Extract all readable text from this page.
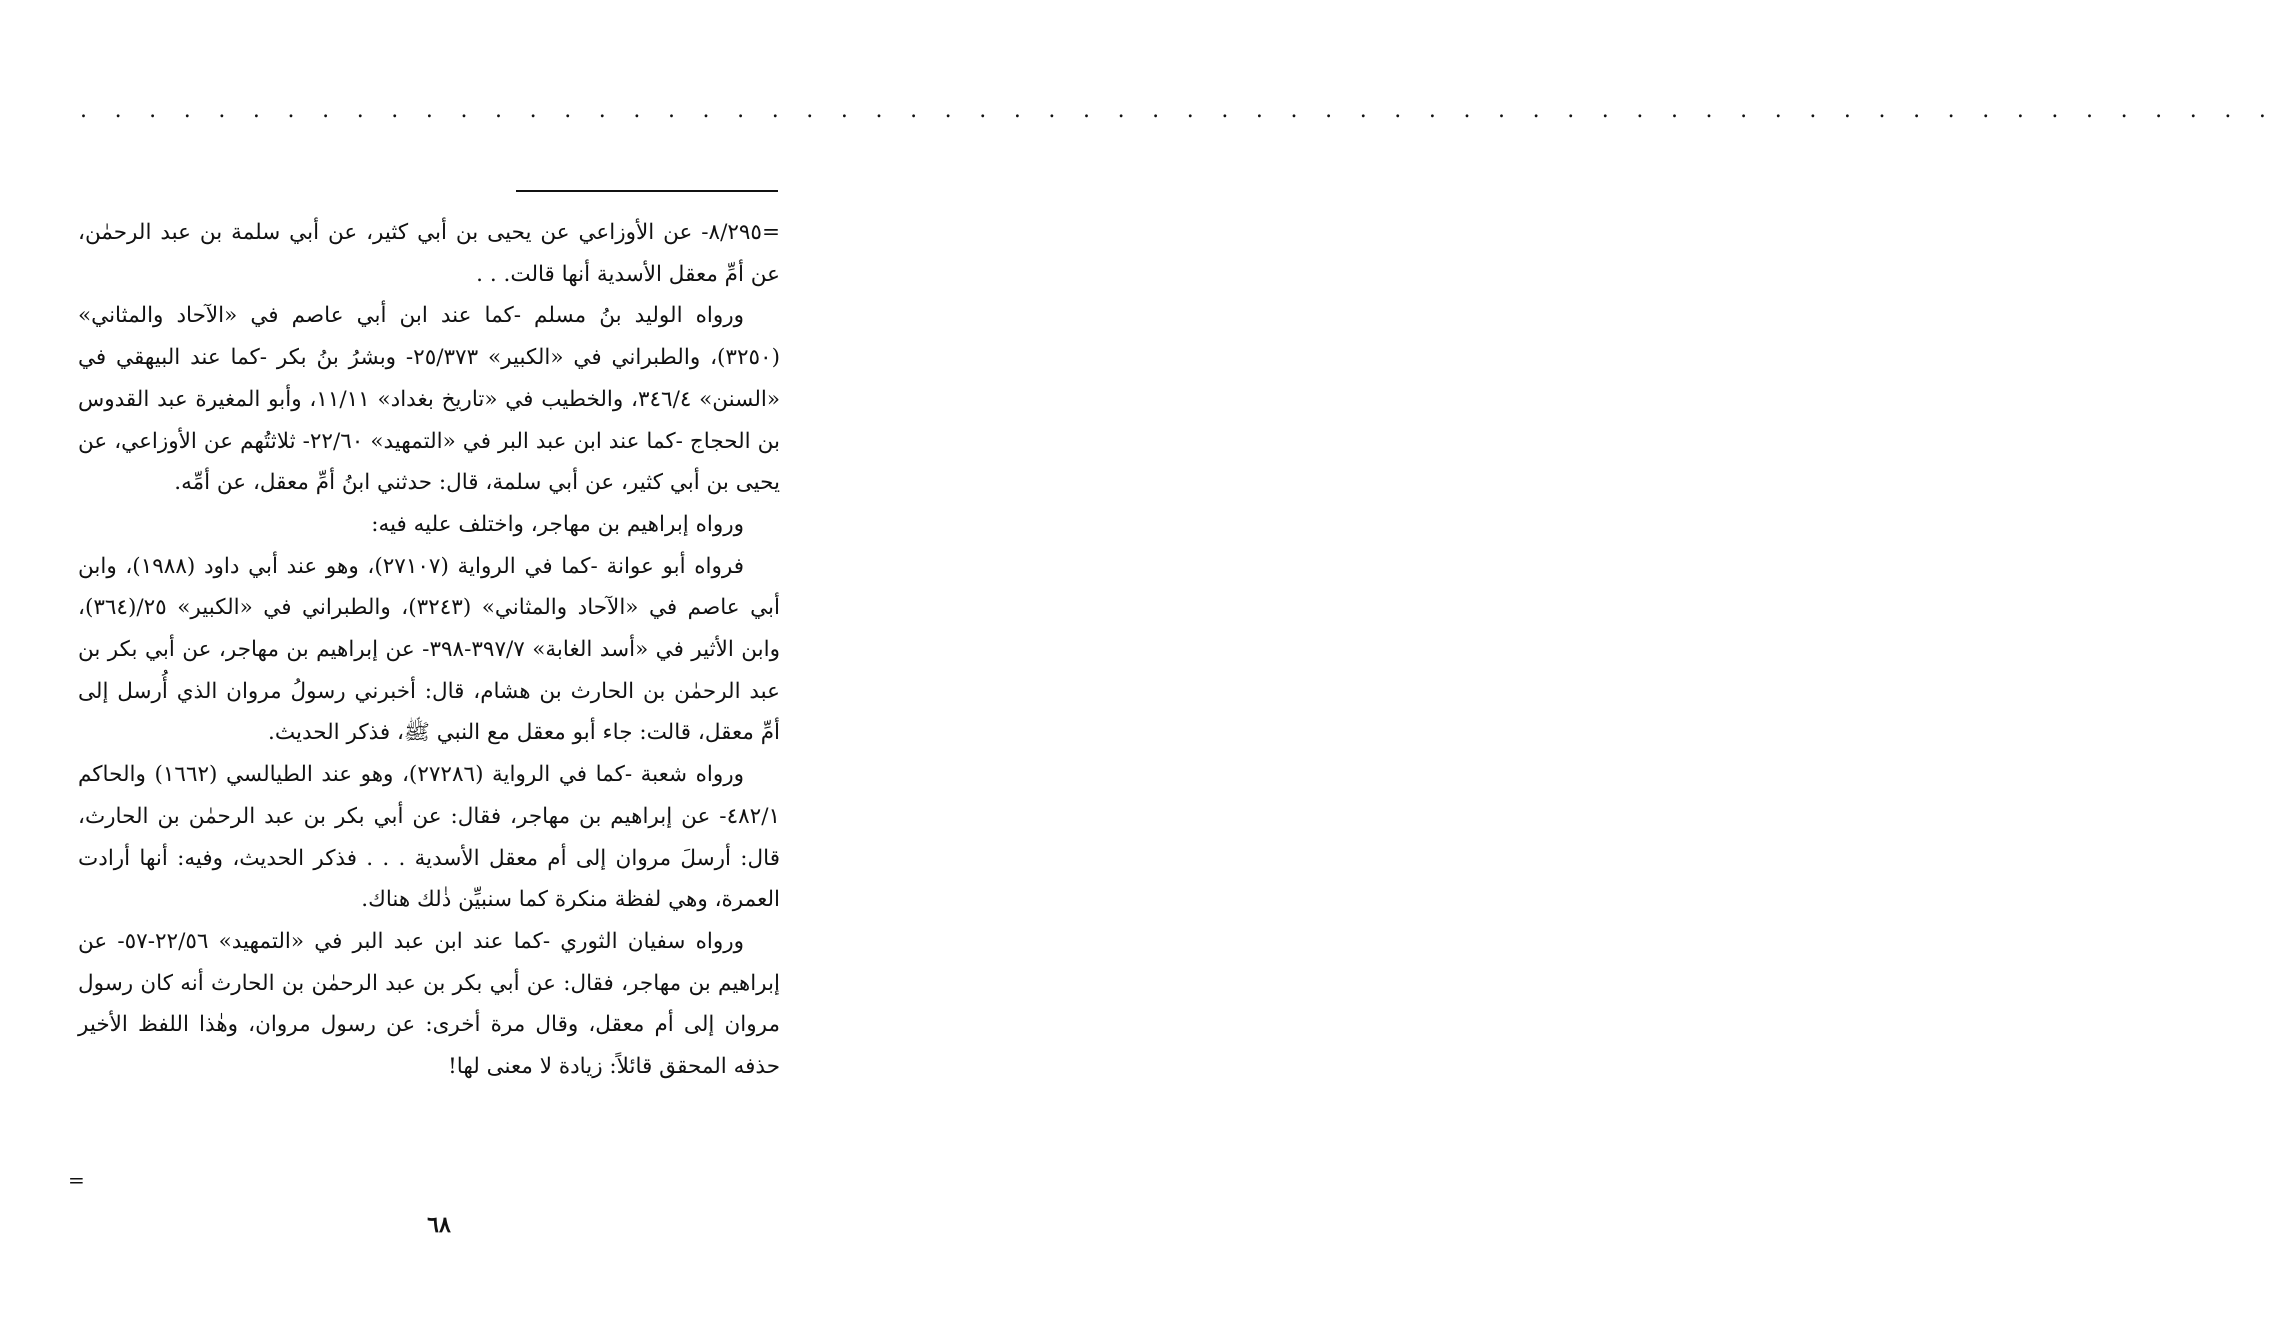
. . . . . . . . . . . . . . . . . . . . . . . . . . . . . . . . . . . . . . . . . . . . . . . . . . . . . . . . . . . . . . . .

=٨/٢٩٥- عن الأوزاعي عن يحيى بن أبي كثير، عن أبي سلمة بن عبد الرحمٰن، عن أمِّ معقل الأسدية أنها قالت. . .

ورواه الوليد بنُ مسلم -كما عند ابن أبي عاصم في «الآحاد والمثاني» (٣٢٥٠)، والطبراني في «الكبير» ٢٥/٣٧٣- وبشرُ بنُ بكر -كما عند البيهقي في «السنن» ٣٤٦/٤، والخطيب في «تاريخ بغداد» ١١/١١، وأبو المغيرة عبد القدوس بن الحجاج -كما عند ابن عبد البر في «التمهيد» ٢٢/٦٠- ثلاثتُهم عن الأوزاعي، عن يحيى بن أبي كثير، عن أبي سلمة، قال: حدثني ابنُ أمِّ معقل، عن أمِّه.

ورواه إبراهيم بن مهاجر، واختلف عليه فيه:

فرواه أبو عوانة -كما في الرواية (٢٧١٠٧)، وهو عند أبي داود (١٩٨٨)، وابن أبي عاصم في «الآحاد والمثاني» (٣٢٤٣)، والطبراني في «الكبير» ٢٥/(٣٦٤)، وابن الأثير في «أسد الغابة» ٣٩٧/٧-٣٩٨- عن إبراهيم بن مهاجر، عن أبي بكر بن عبد الرحمٰن بن الحارث بن هشام، قال: أخبرني رسولُ مروان الذي أُرسل إلى أمِّ معقل، قالت: جاء أبو معقل مع النبي ﷺ، فذكر الحديث.

ورواه شعبة -كما في الرواية (٢٧٢٨٦)، وهو عند الطيالسي (١٦٦٢) والحاكم ٤٨٢/١- عن إبراهيم بن مهاجر، فقال: عن أبي بكر بن عبد الرحمٰن بن الحارث، قال: أرسلَ مروان إلى أم معقل الأسدية . . . فذكر الحديث، وفيه: أنها أرادت العمرة، وهي لفظة منكرة كما سنبيِّن ذٰلك هناك.

ورواه سفيان الثوري -كما عند ابن عبد البر في «التمهيد» ٢٢/٥٦-٥٧- عن إبراهيم بن مهاجر، فقال: عن أبي بكر بن عبد الرحمٰن بن الحارث أنه كان رسول مروان إلى أم معقل، وقال مرة أخرى: عن رسول مروان، وهٰذا اللفظ الأخير حذفه المحقق قائلاً: زيادة لا معنى لها!

=
٦٨
